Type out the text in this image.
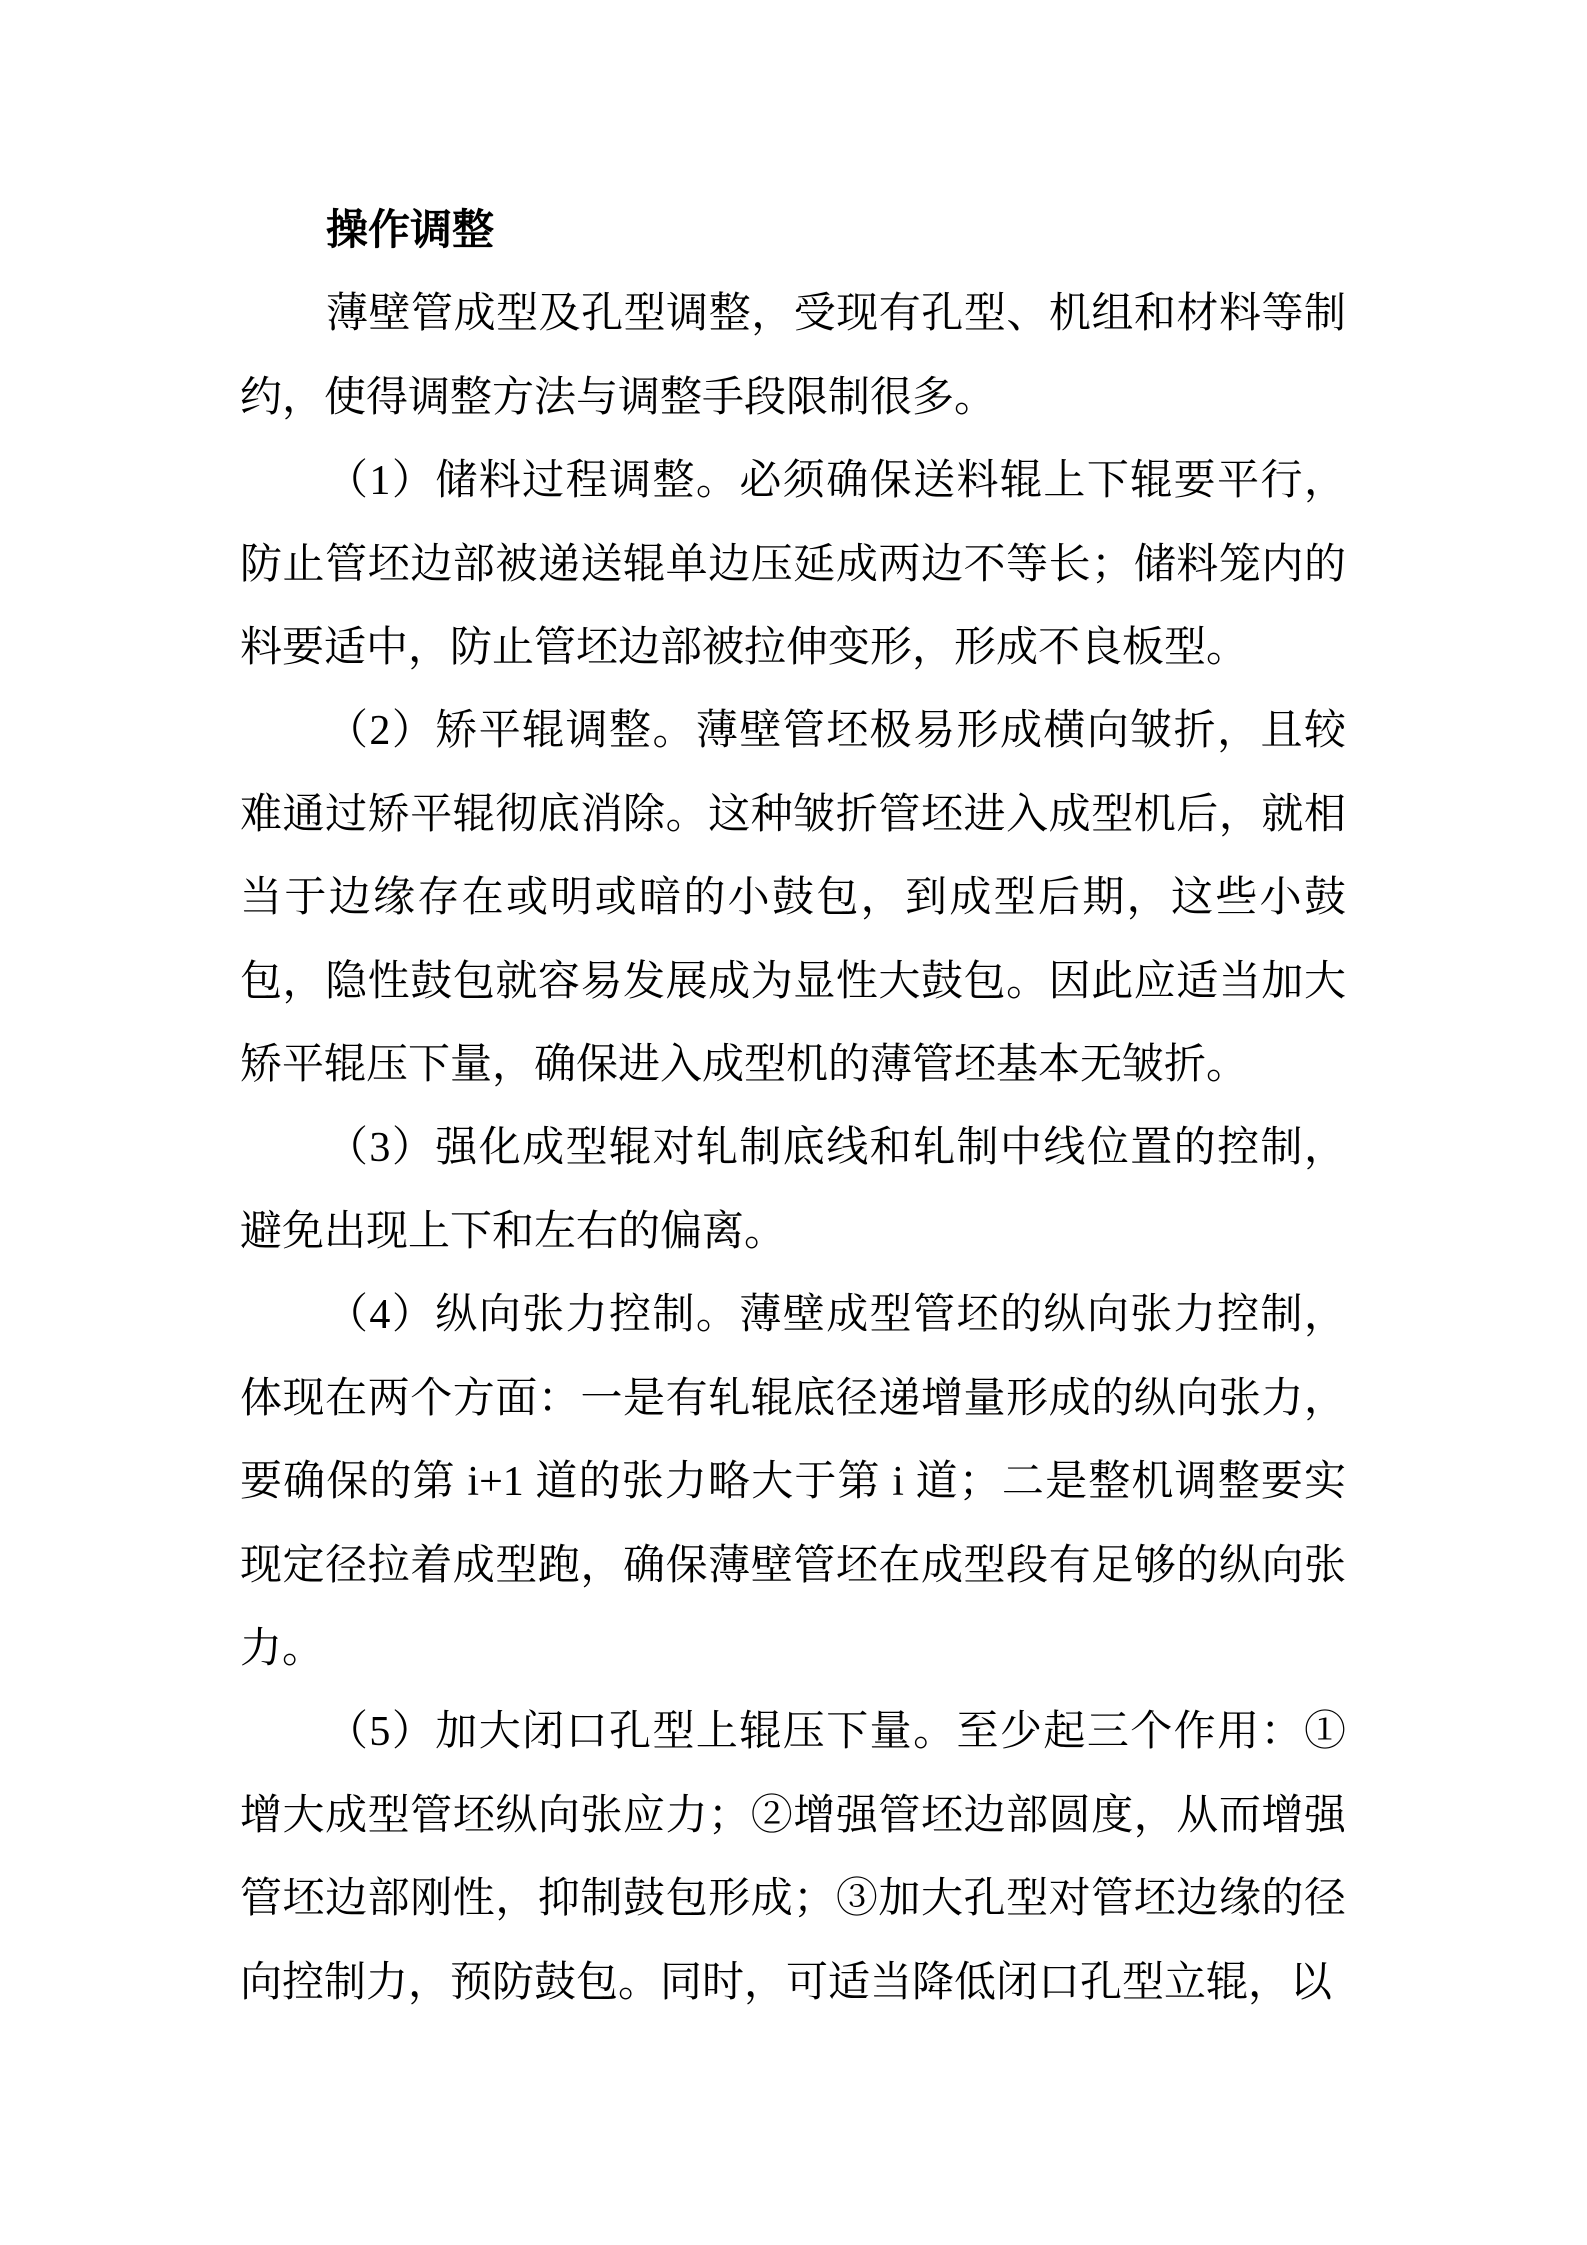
操作调整

薄壁管成型及孔型调整，受现有孔型、机组和材料等制约，使得调整方法与调整手段限制很多。

（1）储料过程调整。必须确保送料辊上下辊要平行，防止管坯边部被递送辊单边压延成两边不等长；储料笼内的料要适中，防止管坯边部被拉伸变形，形成不良板型。

（2）矫平辊调整。薄壁管坯极易形成横向皱折，且较难通过矫平辊彻底消除。这种皱折管坯进入成型机后，就相当于边缘存在或明或暗的小鼓包，到成型后期，这些小鼓包，隐性鼓包就容易发展成为显性大鼓包。因此应适当加大矫平辊压下量，确保进入成型机的薄管坯基本无皱折。

（3）强化成型辊对轧制底线和轧制中线位置的控制，避免出现上下和左右的偏离。

（4）纵向张力控制。薄壁成型管坯的纵向张力控制，体现在两个方面：一是有轧辊底径递增量形成的纵向张力，要确保的第 i+1 道的张力略大于第 i 道；二是整机调整要实现定径拉着成型跑，确保薄壁管坯在成型段有足够的纵向张力。

（5）加大闭口孔型上辊压下量。至少起三个作用：①增大成型管坯纵向张应力；②增强管坯边部圆度，从而增强管坯边部刚性，抑制鼓包形成；③加大孔型对管坯边缘的径向控制力，预防鼓包。同时，可适当降低闭口孔型立辊，以
